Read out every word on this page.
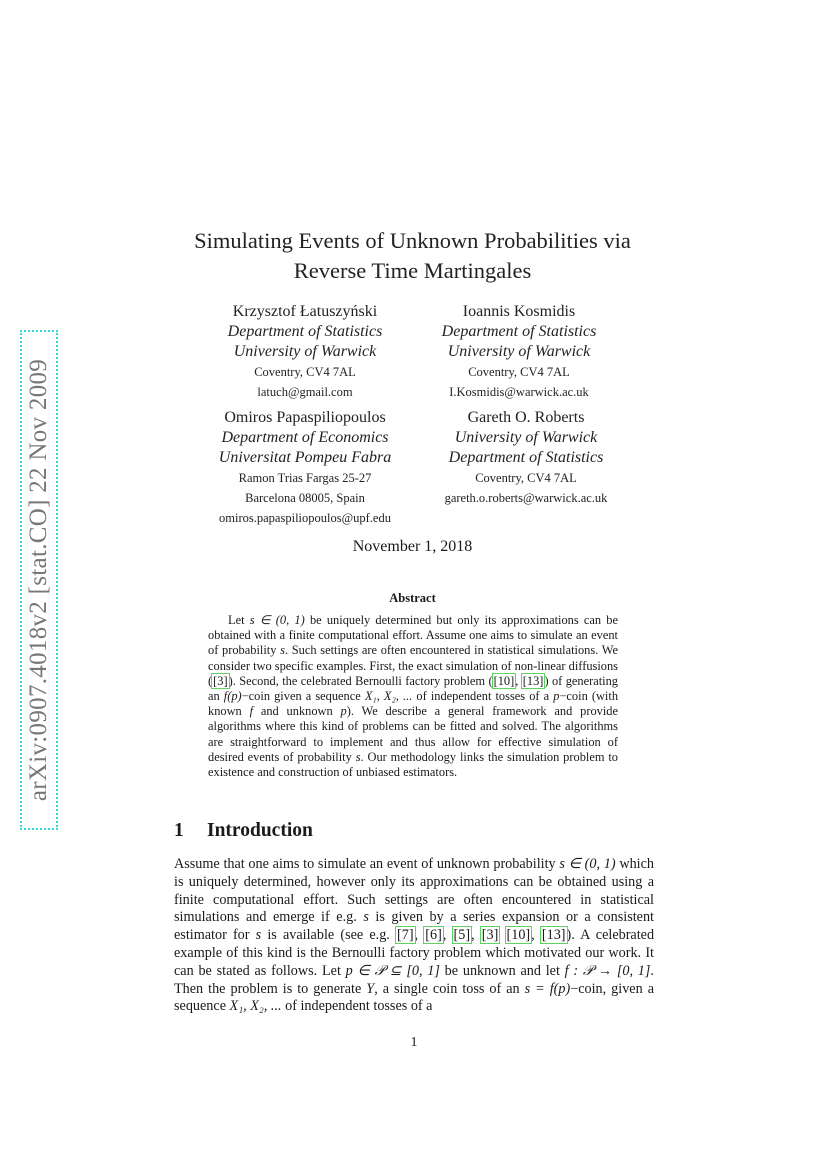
arXiv:0907.4018v2 [stat.CO] 22 Nov 2009
Simulating Events of Unknown Probabilities via
Reverse Time Martingales
Krzysztof Łatuszyński
Department of Statistics
University of Warwick
Coventry, CV4 7AL
latuch@gmail.com
Ioannis Kosmidis
Department of Statistics
University of Warwick
Coventry, CV4 7AL
I.Kosmidis@warwick.ac.uk
Omiros Papaspiliopoulos
Department of Economics
Universitat Pompeu Fabra
Ramon Trias Fargas 25-27
Barcelona 08005, Spain
omiros.papaspiliopoulos@upf.edu
Gareth O. Roberts
University of Warwick
Department of Statistics
Coventry, CV4 7AL
gareth.o.roberts@warwick.ac.uk
November 1, 2018
Abstract

Let s ∈ (0, 1) be uniquely determined but only its approximations can be obtained with a finite computational effort. Assume one aims to simulate an event of probability s. Such settings are often encountered in statistical simulations. We consider two specific examples. First, the exact simulation of non-linear diffusions ([3]). Second, the celebrated Bernoulli factory problem ([10], [13]) of generating an f(p)−coin given a sequence X₁, X₂, ... of independent tosses of a p−coin (with known f and unknown p). We describe a general framework and provide algorithms where this kind of problems can be fitted and solved. The algorithms are straightforward to implement and thus allow for effective simulation of desired events of probability s. Our methodology links the simulation problem to existence and construction of unbiased estimators.

1 Introduction

Assume that one aims to simulate an event of unknown probability s ∈ (0, 1) which is uniquely determined, however only its approximations can be obtained using a finite computational effort. Such settings are often encountered in statistical simulations and emerge if e.g. s is given by a series expansion or a consistent estimator for s is available (see e.g. [7], [6], [5], [3] [10], [13]). A celebrated example of this kind is the Bernoulli factory problem which motivated our work. It can be stated as follows. Let p ∈ 𝒫 ⊆ [0, 1] be unknown and let f : 𝒫 → [0, 1]. Then the problem is to generate Y, a single coin toss of an s = f(p)−coin, given a sequence X₁, X₂, ... of independent tosses of a

1
